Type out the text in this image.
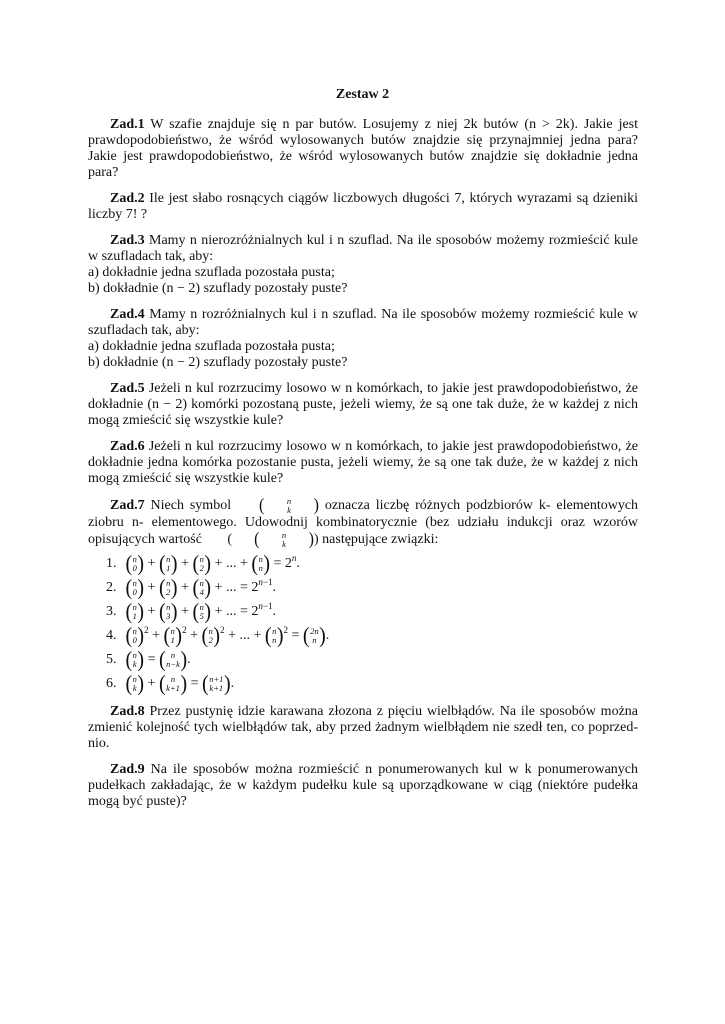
Zestaw 2

Zad.1 W szafie znajduje się n par butów. Losujemy z niej 2k butów (n > 2k). Jakie jest prawdopodobieństwo, że wśród wylosowanych butów znajdzie się przynajmniej jedna para? Jakie jest prawdopodobieństwo, że wśród wylosowanych butów znajdzie się dokładnie jedna para?

Zad.2 Ile jest słabo rosnących ciągów liczbowych długości 7, których wyrazami są dzieniki liczby 7! ?

Zad.3 Mamy n nierozróżnialnych kul i n szuflad. Na ile sposobów możemy rozmieścić kule w szufladach tak, aby:

a) dokładnie jedna szuflada pozostała pusta;
b) dokładnie (n − 2) szuflady pozostały puste?

Zad.4 Mamy n rozróżnialnych kul i n szuflad. Na ile sposobów możemy rozmieścić kule w szufladach tak, aby:

a) dokładnie jedna szuflada pozostała pusta;
b) dokładnie (n − 2) szuflady pozostały puste?

Zad.5 Jeżeli n kul rozrzucimy losowo w n komórkach, to jakie jest prawdopodobieństwo, że dokładnie (n − 2) komórki pozostaną puste, jeżeli wiemy, że są one tak duże, że w każdej z nich mogą zmieścić się wszystkie kule?

Zad.6 Jeżeli n kul rozrzucimy losowo w n komórkach, to jakie jest prawdopodobieństwo, że dokładnie jedna komórka pozostanie pusta, jeżeli wiemy, że są one tak duże, że w każdej z nich mogą zmieścić się wszystkie kule?

Zad.7 Niech symbol	(	n
k	) oznacza liczbę różnych podzbiorów k- elementowych ziobru n- elementowego. Udowodnij kombinatorycznie (bez udziału indukcji oraz wzorów opisujących wartość (	(	n
k	) ) następujące związki:

1. ( n
0 ) + ( n
1 ) + ( n
2 ) + ... + ( n
n ) = $2^n$.
2. ( n
0 ) + ( n
2 ) + ( n
4 ) + ... = $2^{n-1}$.
3. ( n
1 ) + ( n
3 ) + ( n
5 ) + ... = $2^{n-1}$.
4. ( n
0 ) $^2$ + ( n
1 ) $^2$ + ( n
2 ) $^2$ + ... + ( n
n ) $^2$ = ( 2n
n ) .
5. ( n
k ) = ( n
n−k ) .
6. ( n
k ) + ( n
k+1 ) = ( n+1
k+1 ) .

Zad.8 Przez pustynię idzie karawana złozona z pięciu wielbłądów. Na ile sposobów można zmienić kolejność tych wielbłądów tak, aby przed żadnym wielbłądem nie szedł ten, co poprzed-nio.

Zad.9 Na ile sposobów można rozmieścić n ponumerowanych kul w k ponumerowanych pudełkach zakładając, że w każdym pudełku kule są uporządkowane w ciąg (niektóre pudełka mogą być puste)?
